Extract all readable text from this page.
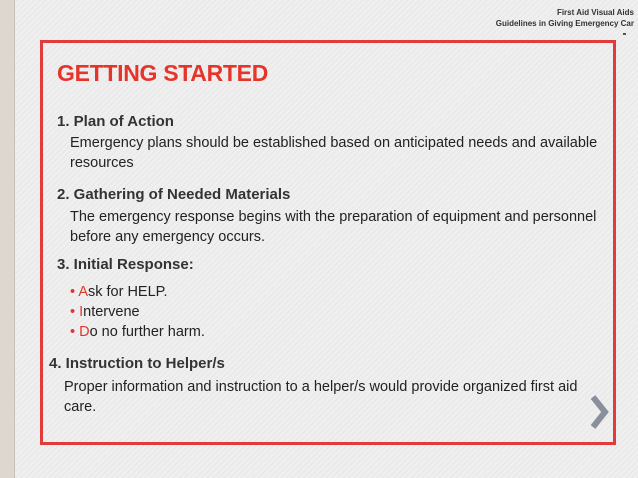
First Aid Visual Aids
Guidelines in Giving Emergency Car
GETTING STARTED
1. Plan of Action

Emergency plans should be established based on anticipated needs and available resources

2. Gathering of Needed Materials

The emergency response begins with the preparation of equipment and personnel before any emergency occurs.

3. Initial Response:
• Ask for HELP.
• Intervene
• Do no further harm.
4. Instruction to Helper/s

Proper information and instruction to a helper/s would provide organized first aid care.
